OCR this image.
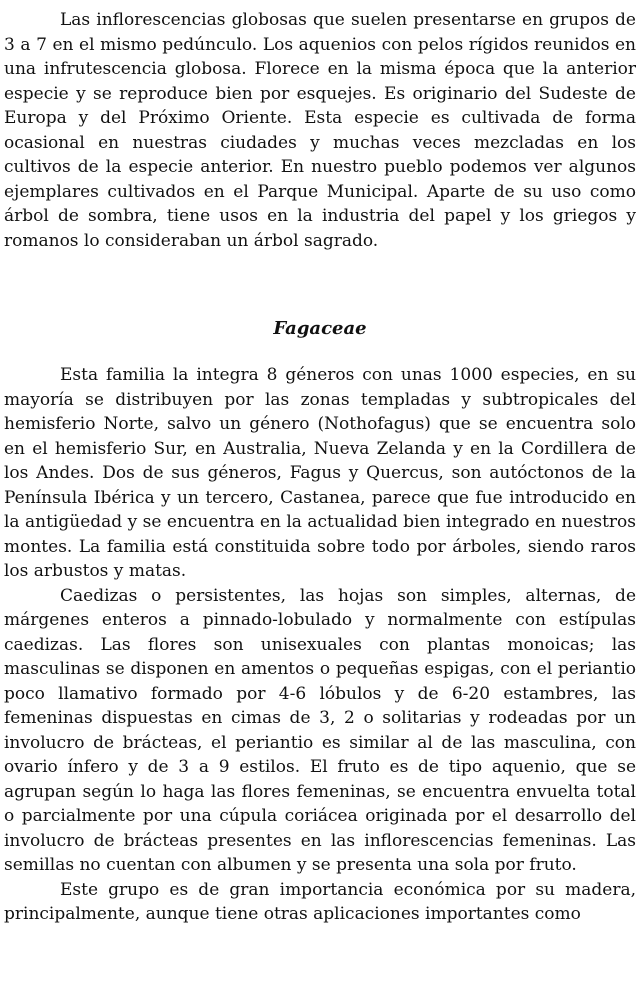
Las inflorescencias globosas que suelen presentarse en grupos de 3 a 7 en el mismo pedúnculo. Los aquenios con pelos rígidos reunidos en una infrutescencia globosa. Florece en la misma época que la anterior especie y se reproduce bien por esquejes. Es originario del Sudeste de Europa y del Próximo Oriente. Esta especie es cultivada de forma ocasional en nuestras ciudades y muchas veces mezcladas en los cultivos de la especie anterior. En nuestro pueblo podemos ver algunos ejemplares cultivados en el Parque Municipal. Aparte de su uso como árbol de sombra, tiene usos en la industria del papel y los griegos y romanos lo consideraban un árbol sagrado.

Fagaceae

Esta familia la integra 8 géneros con unas 1000 especies, en su mayoría se distribuyen por las zonas templadas y subtropicales del hemisferio Norte, salvo un género (Nothofagus) que se encuentra solo en el hemisferio Sur, en Australia, Nueva Zelanda y en la Cordillera de los Andes. Dos de sus géneros, Fagus y Quercus, son autóctonos de la Península Ibérica y un tercero, Castanea, parece que fue introducido en la antigüedad y se encuentra en la actualidad bien integrado en nuestros montes. La familia está constituida sobre todo por árboles, siendo raros los arbustos y matas.

Caedizas o persistentes, las hojas son simples, alternas, de márgenes enteros a pinnado-lobulado y normalmente con estípulas caedizas. Las flores son unisexuales con plantas monoicas; las masculinas se disponen en amentos o pequeñas espigas, con el periantio poco llamativo formado por 4-6 lóbulos y de 6-20 estambres, las femeninas dispuestas en cimas de 3, 2 o solitarias y rodeadas por un involucro de brácteas, el periantio es similar al de las masculina, con ovario ínfero y de 3 a 9 estilos. El fruto es de tipo aquenio, que se agrupan según lo haga las flores femeninas, se encuentra envuelta total o parcialmente por una cúpula coriácea originada por el desarrollo del involucro de brácteas presentes en las inflorescencias femeninas. Las semillas no cuentan con albumen y se presenta una sola por fruto.

Este grupo es de gran importancia económica por su madera, principalmente, aunque tiene otras aplicaciones importantes como
